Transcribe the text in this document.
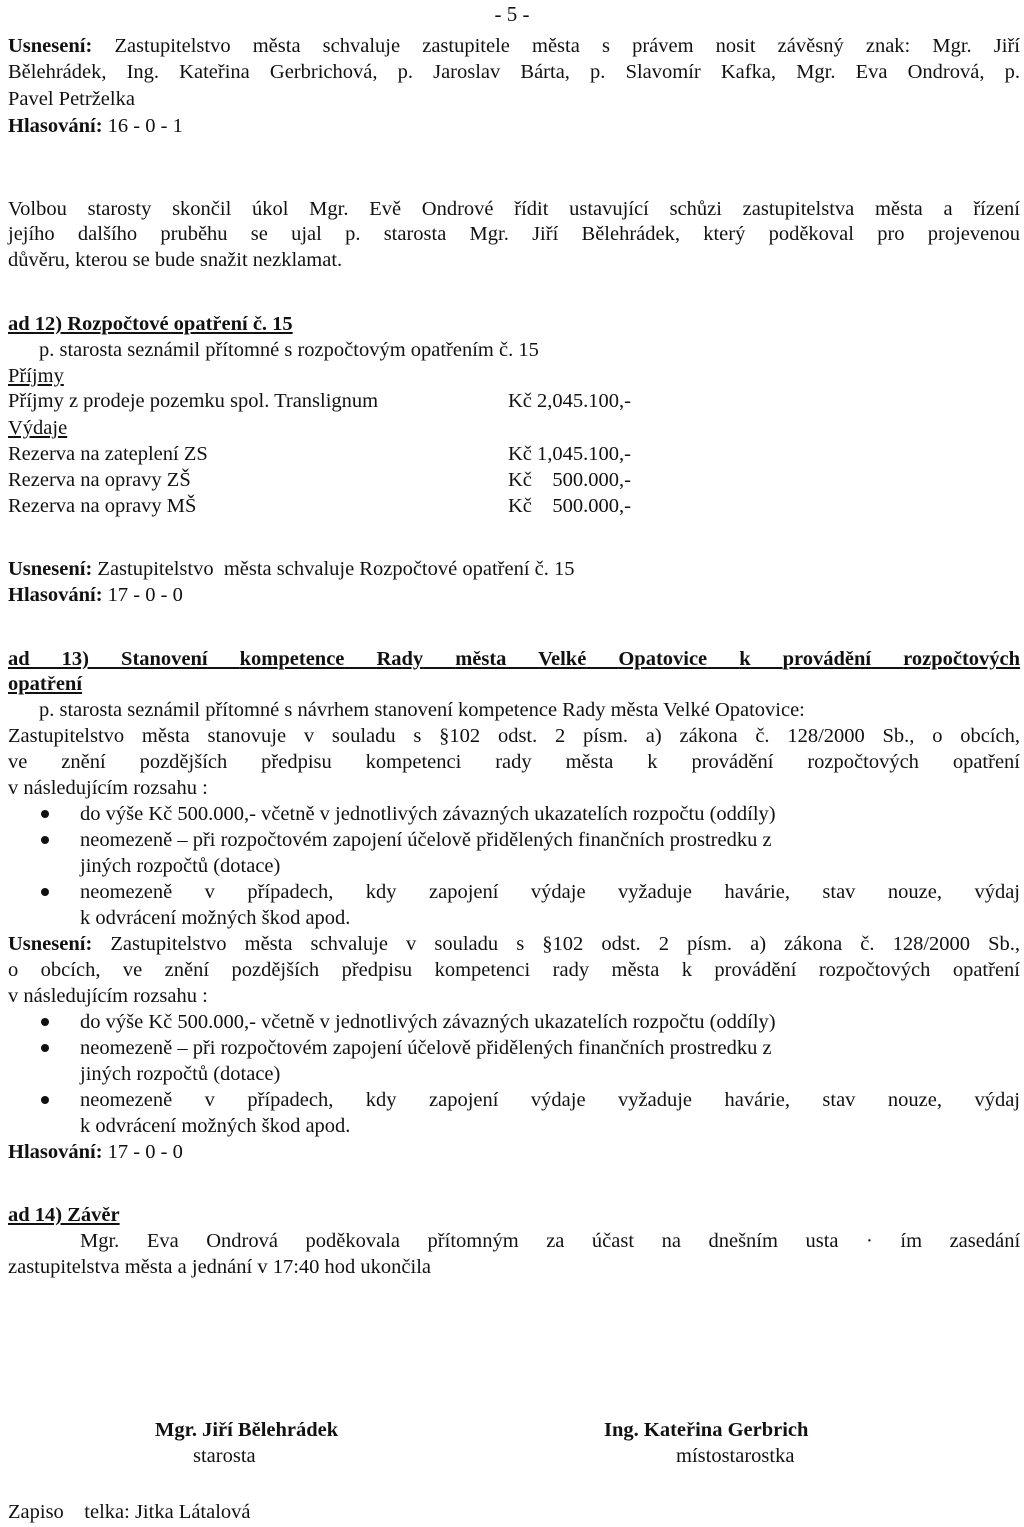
- 5 -
Usnesení: Zastupitelstvo města schvaluje zastupitele města s právem nosit závěsný znak: Mgr. Jiří
Bělehrádek, Ing. Kateřina Gerbrichová, p. Jaroslav Bárta, p. Slavomír Kafka, Mgr. Eva Ondrová, p.
Pavel Petrželka
Hlasování: 16 - 0 - 1
Volbou starosty skončil úkol Mgr. Evě Ondrové řídit ustavující schůzi zastupitelstva města a řízení
jejího dalšího pruběhu se ujal p. starosta Mgr. Jiří Bělehrádek, který poděkoval pro projevenou
důvěru, kterou se bude snažit nezklamat.
ad 12) Rozpočtové opatření č. 15
p. starosta seznámil přítomné s rozpočtovým opatřením č. 15
Příjmy
Příjmy z prodeje pozemku spol. Translignum	Kč 2,045.100,-
Výdaje
Rezerva na zateplení ZS	Kč 1,045.100,-
Rezerva na opravy ZŠ	Kč    500.000,-
Rezerva na opravy MŠ	Kč    500.000,-
Usnesení: Zastupitelstvo  města schvaluje Rozpočtové opatření č. 15
Hlasování: 17 - 0 - 0
ad 13) Stanovení kompetence Rady města Velké Opatovice k provádění rozpočtových
opatření
p. starosta seznámil přítomné s návrhem stanovení kompetence Rady města Velké Opatovice:
Zastupitelstvo města stanovuje v souladu s §102 odst. 2 písm. a) zákona č. 128/2000 Sb., o obcích,
ve znění pozdějších předpisu kompetenci rady města k provádění rozpočtových opatření
v následujícím rozsahu :
do výše Kč 500.000,- včetně v jednotlivých závazných ukazatelích rozpočtu (oddíly)
neomezeně – při rozpočtovém zapojení účelově přidělených finančních prostredku z
jiných rozpočtů (dotace)
neomezeně v případech, kdy zapojení výdaje vyžaduje havárie, stav nouze, výdaj
k odvrácení možných škod apod.
Usnesení: Zastupitelstvo města schvaluje v souladu s §102 odst. 2 písm. a) zákona č. 128/2000 Sb.,
o obcích, ve znění pozdějších předpisu kompetenci rady města k provádění rozpočtových opatření
v následujícím rozsahu :
do výše Kč 500.000,- včetně v jednotlivých závazných ukazatelích rozpočtu (oddíly)
neomezeně – při rozpočtovém zapojení účelově přidělených finančních prostredku z
jiných rozpočtů (dotace)
neomezeně v případech, kdy zapojení výdaje vyžaduje havárie, stav nouze, výdaj
k odvrácení možných škod apod.
Hlasování: 17 - 0 - 0
ad 14) Závěr
Mgr. Eva Ondrová poděkovala přítomným za účast na dnešním usta · ím zasedání
zastupitelstva města a jednání v 17:40 hod ukončila
Mgr. Jiří Bělehrádek
starosta
Ing. Kateřina Gerbrich
místostarostka
Zapiso    telka: Jitka Látalová
